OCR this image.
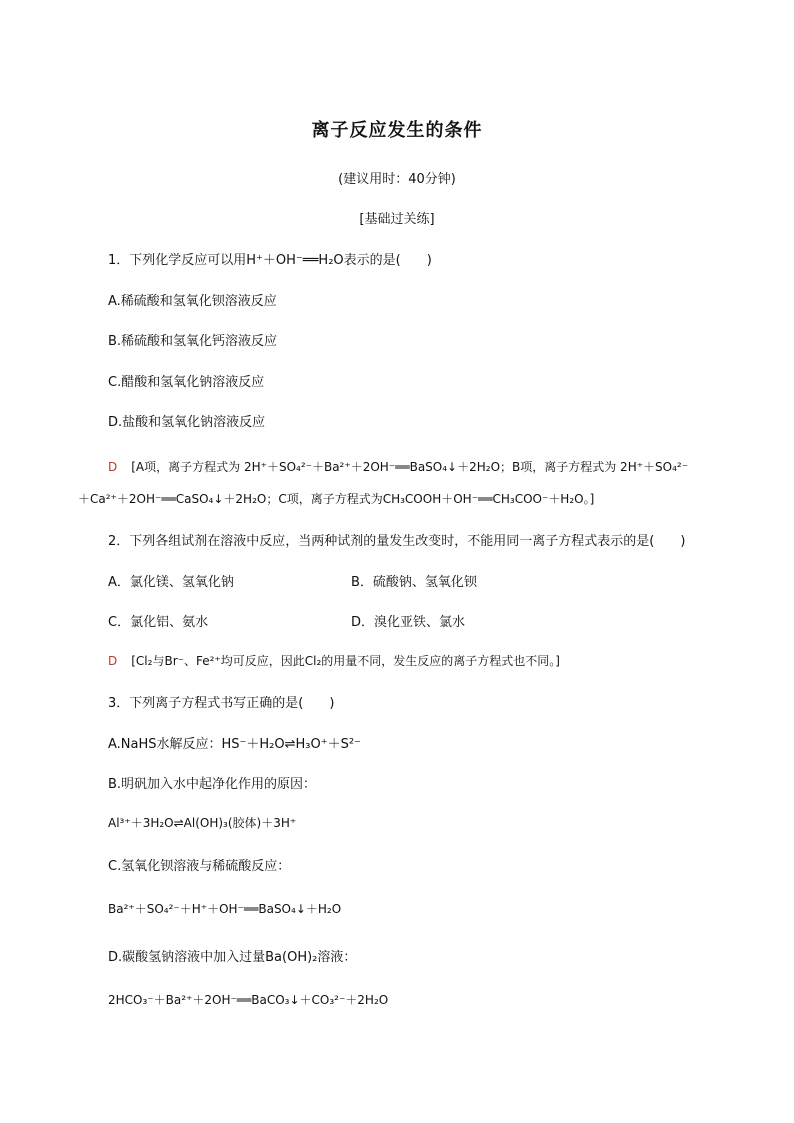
离子反应发生的条件
(建议用时：40分钟)
[基础过关练]
1．下列化学反应可以用H⁺＋OH⁻══H₂O表示的是(　　)
A.稀硫酸和氢氧化钡溶液反应
B.稀硫酸和氢氧化钙溶液反应
C.醋酸和氢氧化钠溶液反应
D.盐酸和氢氧化钠溶液反应
D [A项，离子方程式为 2H⁺＋SO₄²⁻＋Ba²⁺＋2OH⁻══BaSO₄↓＋2H₂O；B项，离子方程式为 2H⁺＋SO₄²⁻
＋Ca²⁺＋2OH⁻══CaSO₄↓＋2H₂O；C项，离子方程式为CH₃COOH＋OH⁻══CH₃COO⁻＋H₂O。]
2．下列各组试剂在溶液中反应，当两种试剂的量发生改变时，不能用同一离子方程式表示的是(　　)
A．氯化镁、氢氧化钠	B．硫酸钠、氢氧化钡
C．氯化铝、氨水	D．溴化亚铁、氯水
D [Cl₂与Br⁻、Fe²⁺均可反应，因此Cl₂的用量不同，发生反应的离子方程式也不同。]
3．下列离子方程式书写正确的是(　　)
A.NaHS水解反应：HS⁻＋H₂O⇌H₃O⁺＋S²⁻
B.明矾加入水中起净化作用的原因：
Al³⁺＋3H₂O⇌Al(OH)₃(胶体)＋3H⁺
C.氢氧化钡溶液与稀硫酸反应：
Ba²⁺＋SO₄²⁻＋H⁺＋OH⁻══BaSO₄↓＋H₂O
D.碳酸氢钠溶液中加入过量Ba(OH)₂溶液：
2HCO₃⁻＋Ba²⁺＋2OH⁻══BaCO₃↓＋CO₃²⁻＋2H₂O
